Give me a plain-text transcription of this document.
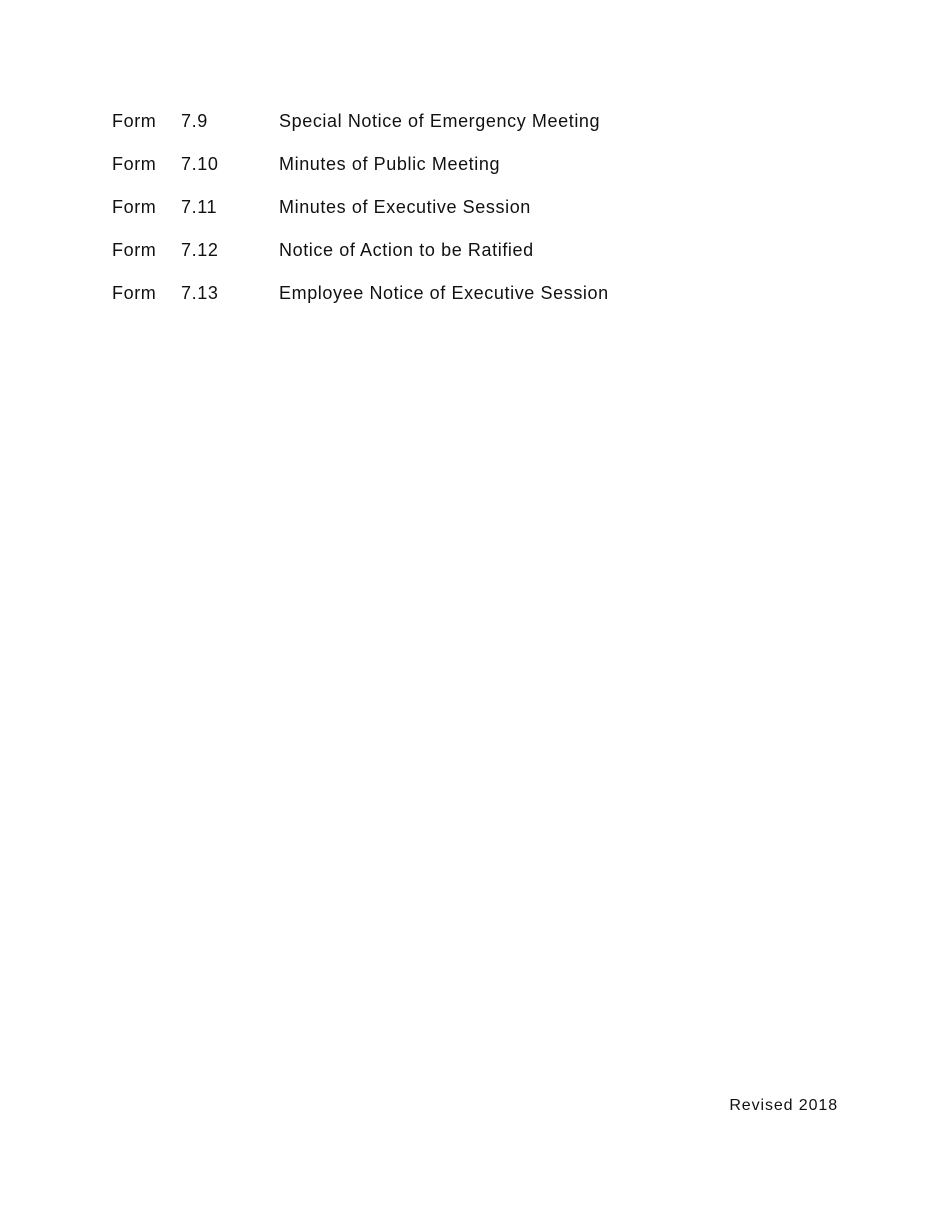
Form	7.9	Special Notice of Emergency Meeting
Form	7.10	Minutes of Public Meeting
Form	7.11	Minutes of Executive Session
Form	7.12	Notice of Action to be Ratified
Form	7.13	Employee Notice of Executive Session
Revised 2018
